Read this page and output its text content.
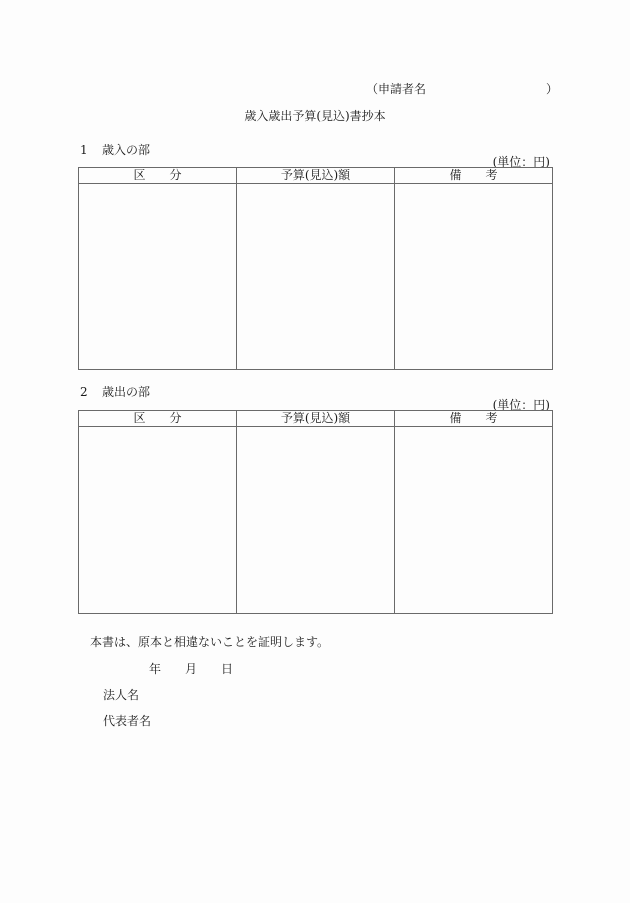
（申請者名	）
歳入歳出予算(見込)書抄本
1 歳入の部
(単位：円)
区　　分	予算(見込)額	備　　考

2 歳出の部
(単位：円)
区　　分	予算(見込)額	備　　考

本書は、原本と相違ないことを証明します。
年 月 日
法人名
代表者名
